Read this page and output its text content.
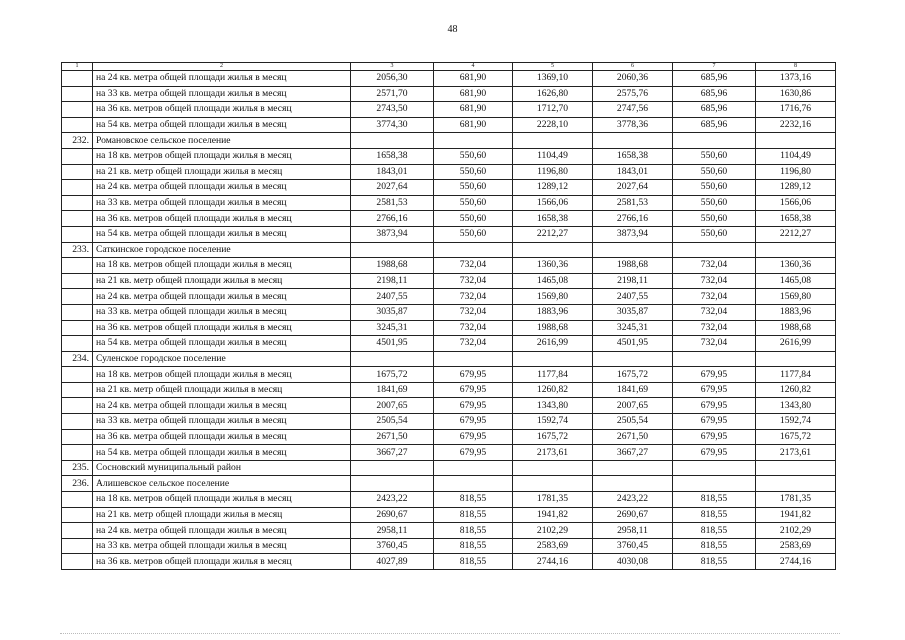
48
1	2	3	4	5	6	7	8
	на 24 кв. метра общей площади жилья в месяц	2056,30	681,90	1369,10	2060,36	685,96	1373,16
	на 33 кв. метра общей площади жилья в месяц	2571,70	681,90	1626,80	2575,76	685,96	1630,86
	на 36 кв. метров общей площади жилья в месяц	2743,50	681,90	1712,70	2747,56	685,96	1716,76
	на 54 кв. метра общей площади жилья в месяц	3774,30	681,90	2228,10	3778,36	685,96	2232,16
232.	Романовское сельское поселение						
	на 18 кв. метров общей площади жилья в месяц	1658,38	550,60	1104,49	1658,38	550,60	1104,49
	на 21 кв. метр общей площади жилья в месяц	1843,01	550,60	1196,80	1843,01	550,60	1196,80
	на 24 кв. метра общей площади жилья в месяц	2027,64	550,60	1289,12	2027,64	550,60	1289,12
	на 33 кв. метра общей площади жилья в месяц	2581,53	550,60	1566,06	2581,53	550,60	1566,06
	на 36 кв. метров общей площади жилья в месяц	2766,16	550,60	1658,38	2766,16	550,60	1658,38
	на 54 кв. метра общей площади жилья в месяц	3873,94	550,60	2212,27	3873,94	550,60	2212,27
233.	Саткинское городское поселение						
	на 18 кв. метров общей площади жилья в месяц	1988,68	732,04	1360,36	1988,68	732,04	1360,36
	на 21 кв. метр общей площади жилья в месяц	2198,11	732,04	1465,08	2198,11	732,04	1465,08
	на 24 кв. метра общей площади жилья в месяц	2407,55	732,04	1569,80	2407,55	732,04	1569,80
	на 33 кв. метра общей площади жилья в месяц	3035,87	732,04	1883,96	3035,87	732,04	1883,96
	на 36 кв. метров общей площади жилья в месяц	3245,31	732,04	1988,68	3245,31	732,04	1988,68
	на 54 кв. метра общей площади жилья в месяц	4501,95	732,04	2616,99	4501,95	732,04	2616,99
234.	Суленское городское поселение						
	на 18 кв. метров общей площади жилья в месяц	1675,72	679,95	1177,84	1675,72	679,95	1177,84
	на 21 кв. метр общей площади жилья в месяц	1841,69	679,95	1260,82	1841,69	679,95	1260,82
	на 24 кв. метра общей площади жилья в месяц	2007,65	679,95	1343,80	2007,65	679,95	1343,80
	на 33 кв. метра общей площади жилья в месяц	2505,54	679,95	1592,74	2505,54	679,95	1592,74
	на 36 кв. метра общей площади жилья в месяц	2671,50	679,95	1675,72	2671,50	679,95	1675,72
	на 54 кв. метра общей площади жилья в месяц	3667,27	679,95	2173,61	3667,27	679,95	2173,61
235.	Сосновский муниципальный район						
236.	Алишевское сельское поселение						
	на 18 кв. метров общей площади жилья в месяц	2423,22	818,55	1781,35	2423,22	818,55	1781,35
	на 21 кв. метр общей площади жилья в месяц	2690,67	818,55	1941,82	2690,67	818,55	1941,82
	на 24 кв. метра общей площади жилья в месяц	2958,11	818,55	2102,29	2958,11	818,55	2102,29
	на 33 кв. метра общей площади жилья в месяц	3760,45	818,55	2583,69	3760,45	818,55	2583,69
	на 36 кв. метров общей площади жилья в месяц	4027,89	818,55	2744,16	4030,08	818,55	2744,16
